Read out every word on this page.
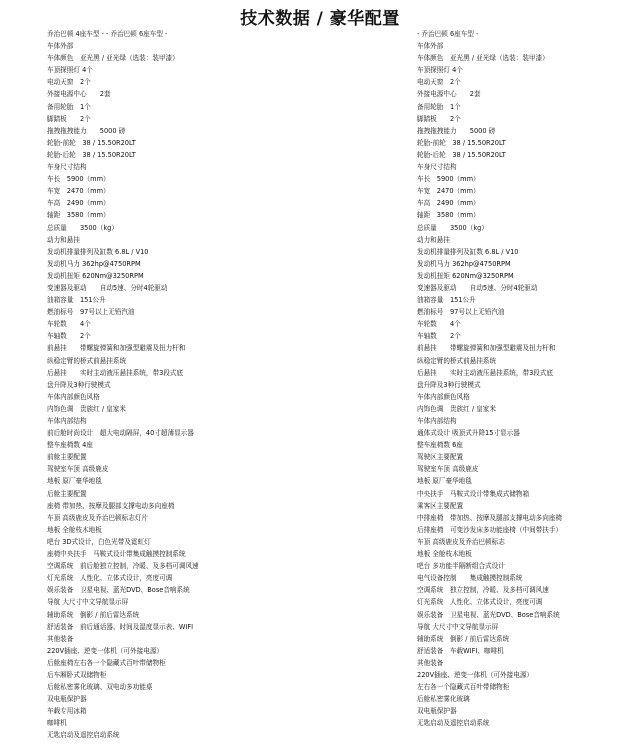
技术数据 / 豪华配置
乔治巴顿 4座车型 - - 乔治巴顿 6座车型 -
车体外部
车体颜色　亚光黑 / 亚光绿（选装：装甲漆）
车顶探照灯 4个
电动天窗　2个
外接电源中心　　2套
备用轮胎　1个
脚踏板　　2个
拖拽拖拽能力　　5000 磅
轮胎-前轮　38 / 15.50R20LT
轮胎-后轮　38 / 15.50R20LT
车身尺寸结构
车长　5900（mm）
车宽　2470（mm）
车高　2490（mm）
轴距　3580（mm）
总质量　　3500（kg）
动力和悬挂
发动机排量排列及缸数 6.8L / V10
发动机马力 362hp@4750RPM
发动机扭矩 620Nm@3250RPM
变速器及驱动　　自动5速、分时4轮驱动
油箱容量　151公升
燃油标号　97号以上无铅汽油
车轮数　　4个
车轴数　　2个
前悬挂　　带螺旋弹簧和加强型避震及扭力杆和
纵稳定臂的桥式前悬挂系统
后悬挂　　实时主动液压悬挂系统，带3段式底
盘升降及3种行驶模式
车体内部颜色风格
内饰色调　贵族红 / 皇家米
车体内部结构
前后舱时尚设计　超大电动隔屏，40寸超薄显示器
整车座椅数 4座
前舱主要配置
驾驶室车顶 高级鹿皮
地板 原厂豪华地毯
后舱主要配置
座椅 带加热、按摩及腿部支撑电动多向座椅
车顶 高级鹿皮及乔治巴顿标志灯片
地板 全舱枝木地板
吧台 3D式设计，白色光带及霓虹灯
座椅中央扶手　马鞍式设计带集成触摸控制系统
空调系统　前后舱独立控制，冷暖、及多档可调风速
灯光系统　人性化、立体式设计，亮度可调
娱乐装备　卫星电视、蓝光DVD、Bose音响系统
导航 大尺寸中文导航显示屏
辅助系统　倒影 / 前后雷达系统
舒适装备　前后通话器、时间及湿度显示表、WIFI
其他装备
220V插座、逆变一体机（可外接电源）
后舱座椅左右各一个隐藏式百叶带储物柜
后车厢卧式双储物柜
后舱私密雾化玻璃、双电动多功能桌
双电瓶保护器
车载专用冰箱
咖啡机
无匙启动及遥控启动系统
- 乔治巴顿 6座车型 -
车体外部
车体颜色　亚光黑 / 亚光绿（选装：装甲漆）
车顶探照灯 4个
电动天窗　2个
外接电源中心　　2套
备用轮胎　1个
脚踏板　　2个
拖拽拖拽能力　　5000 磅
轮胎-前轮　38 / 15.50R20LT
轮胎-后轮　38 / 15.50R20LT
车身尺寸结构
车长　5900（mm）
车宽　2470（mm）
车高　2490（mm）
轴距　3580（mm）
总质量　　3500（kg）
动力和悬挂
发动机排量排列及缸数 6.8L / V10
发动机马力 362hp@4750RPM
发动机扭矩 620Nm@3250RPM
变速器及驱动　　自动5速、分时4轮驱动
油箱容量　151公升
燃油标号　97号以上无铅汽油
车轮数　　4个
车轴数　　2个
前悬挂　　带螺旋弹簧和加强型避震及扭力杆和
纵稳定臂的桥式前悬挂系统
后悬挂　　实时主动液压悬挂系统，带3段式底
盘升降及3种行驶模式
车体内部颜色风格
内饰色调　贵族红 / 皇家米
车体内部结构
通体式设计 吸顶式升降15寸显示器
整车座椅数 6座
驾驶区主要配置
驾驶室车顶 高级鹿皮
地板 原厂豪华地毯
中央扶手　马鞍式设计带集成式储物箱
乘客区主要配置
中排座椅　带加热、按摩及腿部支撑电动多向座椅
后排座椅　可变沙发床多功能座椅（中间带扶手）
车顶 高级鹿皮及乔治巴顿标志
地板 全舱枝木地板
吧台 多功能半隔断组合式设计
电气设备控制　　集成触摸控制系统
空调系统　独立控制，冷暖、及多档可调风速
灯光系统　人性化、立体式设计，亮度可调
娱乐装备　卫星电视、蓝光DVD、Bose音响系统
导航 大尺寸中文导航显示屏
辅助系统　倒影 / 前后雷达系统
舒适装备　车载WIFI、咖啡机
其他装备
220V插座、逆变一体机（可外接电源）
左右各一个隐藏式百叶带储物柜
后舱私密雾化玻璃
双电瓶保护器
无匙启动及遥控启动系统
